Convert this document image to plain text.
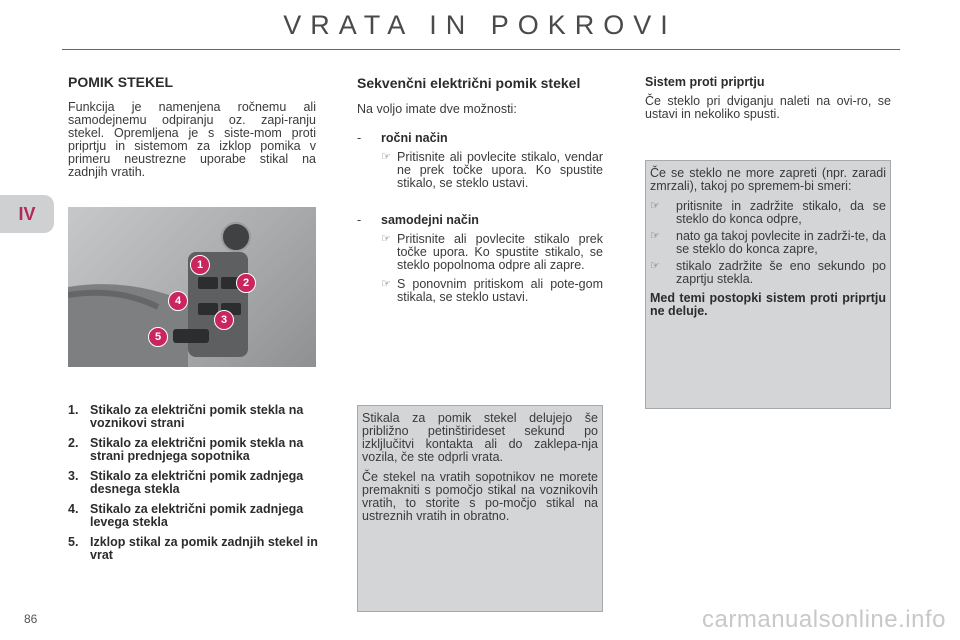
VRATA IN POKROVI
IV
POMIK STEKEL

Funkcija je namenjena ročnemu ali samodejnemu odpiranju oz. zapi-ranju stekel. Opremljena je s siste-mom proti priprtju in sistemom za izklop pomika v primeru neustrezne uporabe stikal na zadnjih vratih.

1
2
4
3
5
1. Stikalo za električni pomik stekla na voznikovi strani
2. Stikalo za električni pomik stekla na strani prednjega sopotnika
3. Stikalo za električni pomik zadnjega desnega stekla
4. Stikalo za električni pomik zadnjega levega stekla
5. Izklop stikal za pomik zadnjih stekel in vrat
Sekvenčni električni pomik stekel

Na voljo imate dve možnosti:

-	ročni način
☞ Pritisnite ali povlecite stikalo, vendar ne prek točke upora. Ko spustite stikalo, se steklo ustavi.
-	samodejni način
☞ Pritisnite ali povlecite stikalo prek točke upora. Ko spustite stikalo, se steklo popolnoma odpre ali zapre.
☞ S ponovnim pritiskom ali pote-gom stikala, se steklo ustavi.

Stikala za pomik stekel delujejo še približno petinštirideset sekund po izkljlučitvi kontakta ali do zaklepa-nja vozila, če ste odprli vrata.

Če stekel na vratih sopotnikov ne morete premakniti s pomočjo stikal na voznikovih vratih, to storite s po-močjo stikal na ustreznih vratih in obratno.

Sistem proti priprtju

Če steklo pri dviganju naleti na ovi-ro, se ustavi in nekoliko spusti.

Če se steklo ne more zapreti (npr. zaradi zmrzali), takoj po spremem-bi smeri:

☞	pritisnite in zadržite stikalo, da se steklo do konca odpre,
☞	nato ga takoj povlecite in zadrži-te, da se steklo do konca zapre,
☞	stikalo zadržite še eno sekundo po zaprtju stekla.

Med temi postopki sistem proti priprtju ne deluje.

86	carmanualsonline.info
